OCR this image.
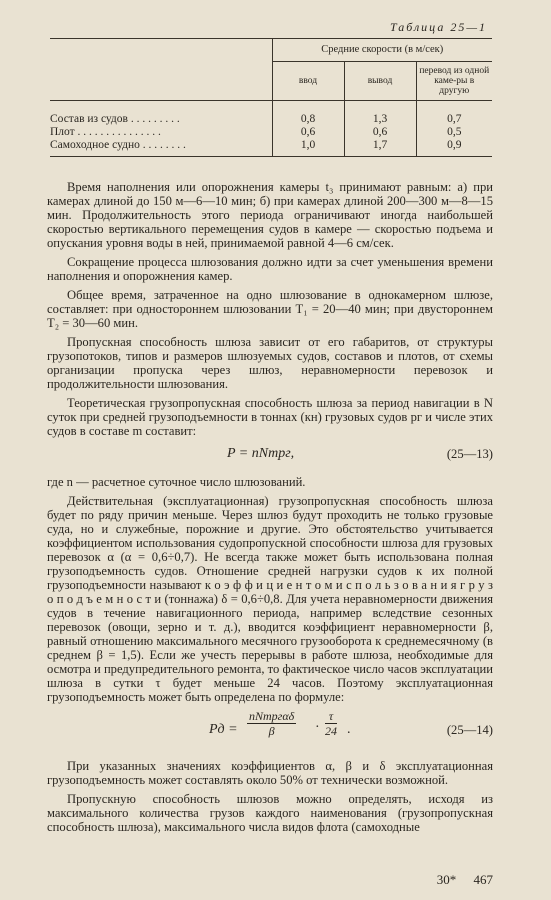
Таблица 25—1
	Средние скорости (в м/сек)		
	ввод	вывод	перевод из одной каме-ры в другую

Состав из судов . . . . . . . . .	0,8	1,3	0,7
Плот . . . . . . . . . . . . . . .	0,6	0,6	0,5
Самоходное судно . . . . . . . .	1,0	1,7	0,9

Время наполнения или опорожнения камеры t₃ принимают равным: а) при камерах длиной до 150 м—6—10 мин; б) при камерах длиной 200—300 м—8—15 мин. Продолжительность этого периода ограничивают иногда наибольшей скоростью вертикального перемещения судов в камере — скоростью подъема и опускания уровня воды в ней, принимаемой равной 4—6 см/сек.

Сокращение процесса шлюзования должно идти за счет уменьшения времени наполнения и опорожнения камер.

Общее время, затраченное на одно шлюзование в однокамерном шлюзе, составляет: при одностороннем шлюзовании T₁ = 20—40 мин; при двустороннем T₂ = 30—60 мин.

Пропускная способность шлюза зависит от его габаритов, от структуры грузопотоков, типов и размеров шлюзуемых судов, составов и плотов, от схемы организации пропуска через шлюз, неравномерности перевозок и продолжительности шлюзования.

Теоретическая грузопропускная способность шлюза за период навигации в N суток при средней грузоподъемности в тоннах (кн) грузовых судов pг и числе этих судов в составе m составит:

P = nNmpг,	(25—13)

где n — расчетное суточное число шлюзований.

Действительная (эксплуатационная) грузопропускная способность шлюза будет по ряду причин меньше. Через шлюз будут проходить не только грузовые суда, но и служебные, порожние и другие. Это обстоятельство учитывается коэффициентом использования судопропускной способности шлюза для грузовых перевозок α (α = 0,6÷0,7). Не всегда также может быть использована полная грузоподъемность судов. Отношение средней нагрузки судов к их полной грузоподъемности называют к о э ф ф и ц и е н т о м и с п о л ь з о в а н и я г р у з о п о д ъ е м н о с т и (тоннажа) δ = 0,6÷0,8. Для учета неравномерности движения судов в течение навигационного периода, например вследствие сезонных перевозок (овощи, зерно и т. д.), вводится коэффициент неравномерности β, равный отношению максимального месячного грузооборота к среднемесячному (в среднем β = 1,5). Если же учесть перерывы в работе шлюза, необходимые для осмотра и предупредительного ремонта, то фактическое число часов эксплуатации шлюза в сутки τ будет меньше 24 часов. Поэтому эксплуатационная грузоподъемность может быть определена по формуле:

Pд =
nNmpгαδ
β	· $\frac{\tau}{24}$ .	(25—14)

При указанных значениях коэффициентов α, β и δ эксплуатационная грузоподъемность может составлять около 50% от технически возможной.

Пропускную способность шлюзов можно определять, исходя из максимального количества грузов каждого наименования (грузопропускная способность шлюза), максимального числа видов флота (самоходные

30* 467
